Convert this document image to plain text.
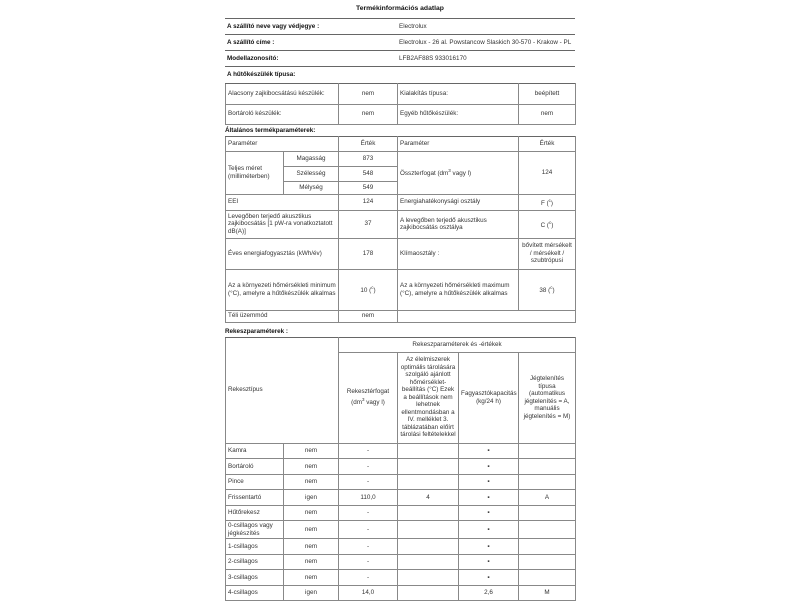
Termékinformációs adatlap
A szállító neve vagy védjegye :	Electrolux
A szállító címe :	Electrolux - 26 al. Powstancow Slaskich 30-570 - Krakow - PL
Modellazonosító:	LFB2AF88S 933016170
A hűtőkészülék típusa:	
Alacsony zajkibocsátású készülék:	nem	Kialakítás típusa:	beépített
Bortároló készülék:	nem	Egyéb hűtőkészülék:	nem
Általános termékparaméterek:
Paraméter		Érték	Paraméter	Érték
Teljes méret (milliméterben)	Magasság	873	Összterfogat ($dm^3$ vagy l)	124
	Szélesség	548		
	Mélység	549		
EEI		124	Energiahatékonysági osztály	F ($^c$)
Levegőben terjedő akusztikus zajkibocsátás [1 pW-ra vonatkoztatott dB(A)]		37	A levegőben terjedő akusztikus zajkibocsátás osztálya	C ($^c$)
Éves energiafogyasztás (kWh/év)		178	Klímaosztály :	bővített mérsékelt / mérsékelt / szubtrópusi
Az a környezeti hőmérsékleti minimum (°C), amelyre a hűtőkészülék alkalmas		10 ($^c$)	Az a környezeti hőmérsékleti maximum (°C), amelyre a hűtőkészülék alkalmas	38 ($^c$)
Téli üzemmód		nem		
Rekeszparaméterek :
Rekesztípus		Rekeszparaméterek és -értékek			
		Rekesztérfogat ($dm^3$ vagy l)	Az élelmiszerek optimális tárolására szolgáló ajánlott hőmérséklet-beállítás (°C) Ezek a beállítások nem lehetnek ellentmondásban a IV. melléklet 3. táblázatában előírt tárolási feltételekkel	Fagyasztókapacitás (kg/24 h)	Jégtelenítés típusa (automatikus jégtelenítés = A, manuális jégtelenítés = M)
Kamra	nem	-		▪	
Bortároló	nem	-		▪	
Pince	nem	-		▪	
Frissentartó	igen	110,0	4	▪	A
Hűtőrekesz	nem	-		▪	
0-csillagos vagy jégkészítés	nem	-		▪	
1-csillagos	nem	-		▪	
2-csillagos	nem	-		▪	
3-csillagos	nem	-		▪	
4-csillagos	igen	14,0		2,6	M
